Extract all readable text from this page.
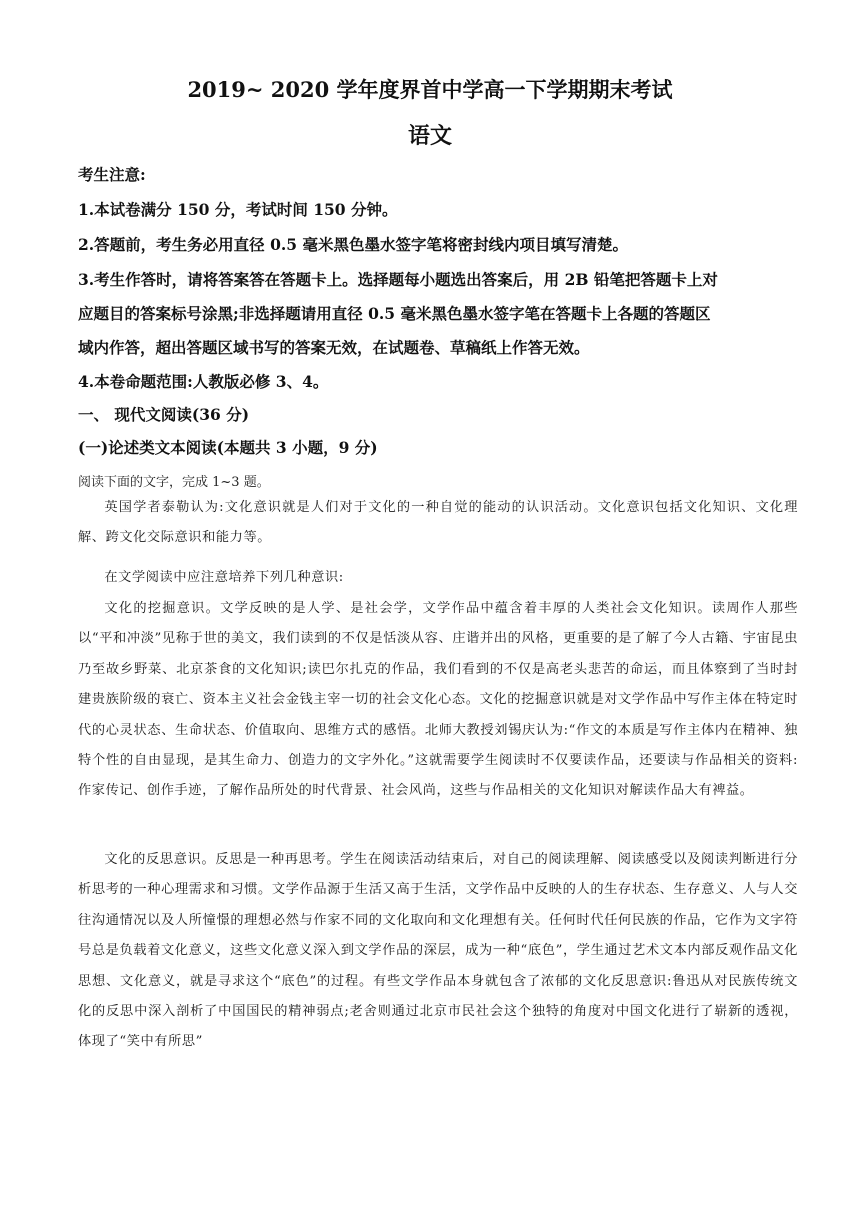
2019~ 2020 学年度界首中学高一下学期期末考试
语文
考生注意:
1.本试卷满分 150 分，考试时间 150 分钟。
2.答题前，考生务必用直径 0.5 毫米黑色墨水签字笔将密封线内项目填写清楚。
3.考生作答时，请将答案答在答题卡上。选择题每小题选出答案后，用 2B 铅笔把答题卡上对
应题目的答案标号涂黑;非选择题请用直径 0.5 毫米黑色墨水签字笔在答题卡上各题的答题区
域内作答，超出答题区域书写的答案无效，在试题卷、草稿纸上作答无效。
4.本卷命题范围:人教版必修 3、4。
一、 现代文阅读(36 分)
(一)论述类文本阅读(本题共 3 小题，9 分)
阅读下面的文字，完成 1~3 题。
英国学者泰勒认为:文化意识就是人们对于文化的一种自觉的能动的认识活动。文化意识包括文化知识、文化理解、跨文化交际意识和能力等。
在文学阅读中应注意培养下列几种意识:
文化的挖掘意识。文学反映的是人学、是社会学，文学作品中蕴含着丰厚的人类社会文化知识。读周作人那些以“平和冲淡”见称于世的美文，我们读到的不仅是恬淡从容、庄谐并出的风格，更重要的是了解了今人古籍、宇宙昆虫乃至故乡野菜、北京茶食的文化知识;读巴尔扎克的作品，我们看到的不仅是高老头悲苦的命运，而且体察到了当时封建贵族阶级的衰亡、资本主义社会金钱主宰一切的社会文化心态。文化的挖掘意识就是对文学作品中写作主体在特定时代的心灵状态、生命状态、价值取向、思维方式的感悟。北师大教授刘锡庆认为:“作文的本质是写作主体内在精神、独特个性的自由显现，是其生命力、创造力的文字外化。”这就需要学生阅读时不仅要读作品，还要读与作品相关的资料:作家传记、创作手迹，了解作品所处的时代背景、社会风尚，这些与作品相关的文化知识对解读作品大有裨益。
文化的反思意识。反思是一种再思考。学生在阅读活动结束后，对自己的阅读理解、阅读感受以及阅读判断进行分析思考的一种心理需求和习惯。文学作品源于生活又高于生活，文学作品中反映的人的生存状态、生存意义、人与人交往沟通情况以及人所憧憬的理想必然与作家不同的文化取向和文化理想有关。任何时代任何民族的作品，它作为文字符号总是负载着文化意义，这些文化意义深入到文学作品的深层，成为一种“底色”，学生通过艺术文本内部反观作品文化思想、文化意义，就是寻求这个“底色”的过程。有些文学作品本身就包含了浓郁的文化反思意识:鲁迅从对民族传统文化的反思中深入剖析了中国国民的精神弱点;老舍则通过北京市民社会这个独特的角度对中国文化进行了崭新的透视，体现了“笑中有所思”
